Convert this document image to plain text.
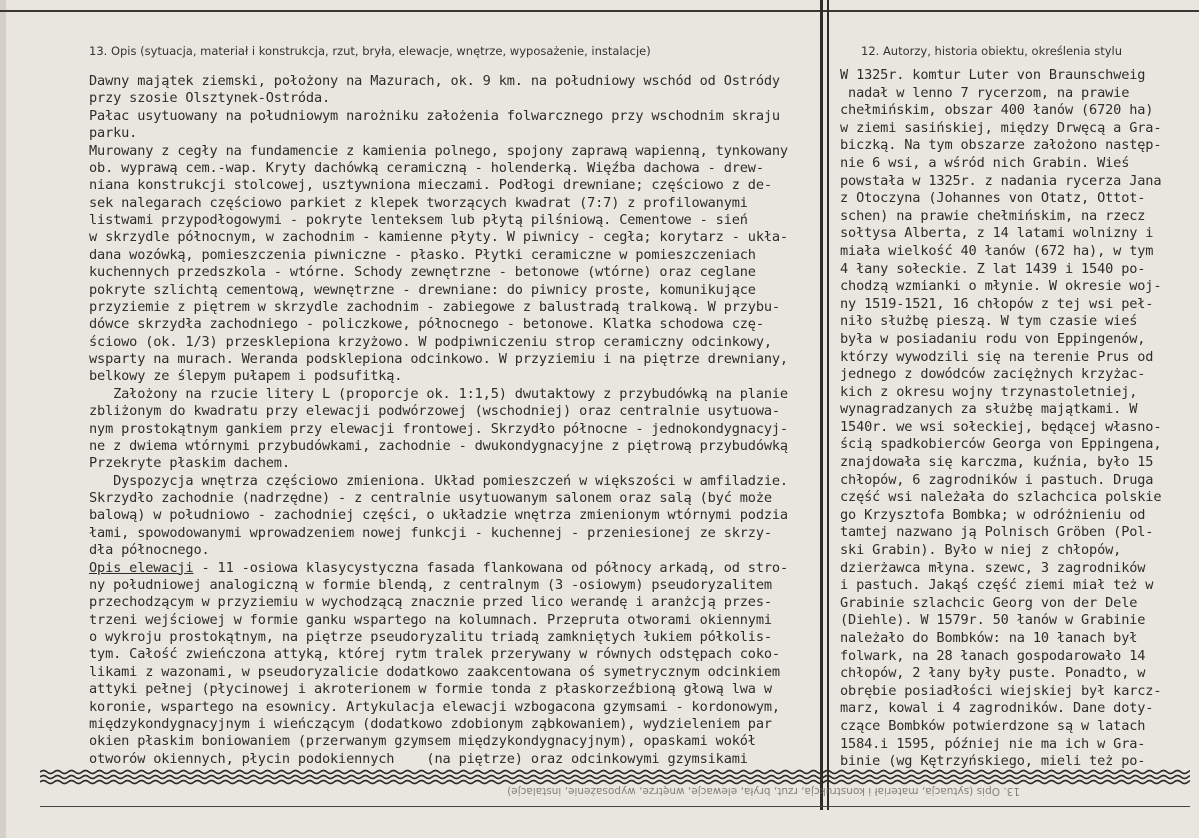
13. Opis (sytuacja, materiał i konstrukcja, rzut, bryła, elewacje, wnętrze, wyposażenie, instalacje)	12. Autorzy, historia obiektu, określenia stylu
Dawny majątek ziemski, położony na Mazurach, ok. 9 km. na południowy wschód od Ostródy
przy szosie Olsztynek-Ostróda.
Pałac usytuowany na południowym narożniku założenia folwarcznego przy wschodnim skraju
parku.
Murowany z cegły na fundamencie z kamienia polnego, spojony zaprawą wapienną, tynkowany
ob. wyprawą cem.-wap. Kryty dachówką ceramiczną - holenderką. Więźba dachowa - drew-
niana konstrukcji stolcowej, usztywniona mieczami. Podłogi drewniane; częściowo z de-
sek nalegarach częściowo parkiet z klepek tworzących kwadrat (7:7) z profilowanymi
listwami przypodłogowymi - pokryte lenteksem lub płytą pilśniową. Cementowe - sień
w skrzydle północnym, w zachodnim - kamienne płyty. W piwnicy - cegła; korytarz - ukła-
dana wozówką, pomieszczenia piwniczne - płasko. Płytki ceramiczne w pomieszczeniach
kuchennych przedszkola - wtórne. Schody zewnętrzne - betonowe (wtórne) oraz ceglane
pokryte szlichtą cementową, wewnętrzne - drewniane: do piwnicy proste, komunikujące
przyziemie z piętrem w skrzydle zachodnim - zabiegowe z balustradą tralkową. W przybu-
dówce skrzydła zachodniego - policzkowe, północnego - betonowe. Klatka schodowa czę-
ściowo (ok. 1/3) przesklepiona krzyżowo. W podpiwniczeniu strop ceramiczny odcinkowy,
wsparty na murach. Weranda podsklepiona odcinkowo. W przyziemiu i na piętrze drewniany,
belkowy ze ślepym pułapem i podsufitką.
Założony na rzucie litery L (proporcje ok. 1:1,5) dwutaktowy z przybudówką na planie
zbliżonym do kwadratu przy elewacji podwórzowej (wschodniej) oraz centralnie usytuowa-
nym prostokątnym gankiem przy elewacji frontowej. Skrzydło północne - jednokondygnacyj-
ne z dwiema wtórnymi przybudówkami, zachodnie - dwukondygnacyjne z piętrową przybudówką
Przekryte płaskim dachem.
Dyspozycja wnętrza częściowo zmieniona. Układ pomieszczeń w większości w amfiladzie.
Skrzydło zachodnie (nadrzędne) - z centralnie usytuowanym salonem oraz salą (być może
balową) w południowo - zachodniej części, o układzie wnętrza zmienionym wtórnymi podzia
łami, spowodowanymi wprowadzeniem nowej funkcji - kuchennej - przeniesionej ze skrzy-
dła północnego.
Opis elewacji - 11 -osiowa klasycystyczna fasada flankowana od północy arkadą, od stro-
ny południowej analogiczną w formie blendą, z centralnym (3 -osiowym) pseudoryzalitem
przechodzącym w przyziemiu w wychodzącą znacznie przed lico werandę i aranżcją przes-
trzeni wejściowej w formie ganku wspartego na kolumnach. Przepruta otworami okiennymi
o wykroju prostokątnym, na piętrze pseudoryzalitu triadą zamkniętych łukiem półkolis-
tym. Całość zwieńczona attyką, której rytm tralek przerywany w równych odstępach coko-
likami z wazonami, w pseudoryzalicie dodatkowo zaakcentowana oś symetrycznym odcinkiem
attyki pełnej (płycinowej i akroterionem w formie tonda z płaskorzeźbioną głową lwa w
koronie, wspartego na esownicy. Artykulacja elewacji wzbogacona gzymsami - kordonowym,
międzykondygnacyjnym i wieńczącym (dodatkowo zdobionym ząbkowaniem), wydzieleniem par
okien płaskim boniowaniem (przerwanym gzymsem międzykondygnacyjnym), opaskami wokół
otworów okiennych, płycin podokiennych    (na piętrze) oraz odcinkowymi gzymsikami
W 1325r. komtur Luter von Braunschweig
nadał w lenno 7 rycerzom, na prawie
chełmińskim, obszar 400 łanów (6720 ha)
w ziemi sasińskiej, między Drwęcą a Gra-
biczką. Na tym obszarze założono następ-
nie 6 wsi, a wśród nich Grabin. Wieś
powstała w 1325r. z nadania rycerza Jana
z Otoczyna (Johannes von Otatz, Ottot-
schen) na prawie chełmińskim, na rzecz
sołtysa Alberta, z 14 latami wolnizny i
miała wielkość 40 łanów (672 ha), w tym
4 łany sołeckie. Z lat 1439 i 1540 po-
chodzą wzmianki o młynie. W okresie woj-
ny 1519-1521, 16 chłopów z tej wsi peł-
niło służbę pieszą. W tym czasie wieś
była w posiadaniu rodu von Eppingenów,
którzy wywodzili się na terenie Prus od
jednego z dowódców zaciężnych krzyżac-
kich z okresu wojny trzynastoletniej,
wynagradzanych za służbę majątkami. W
1540r. we wsi sołeckiej, będącej własno-
ścią spadkobierców Georga von Eppingena,
znajdowała się karczma, kuźnia, było 15
chłopów, 6 zagrodników i pastuch. Druga
część wsi należała do szlachcica polskie
go Krzysztofa Bombka; w odróżnieniu od
tamtej nazwano ją Polnisch Gröben (Pol-
ski Grabin). Było w niej z chłopów,
dzierżawca młyna. szewc, 3 zagrodników
i pastuch. Jakąś część ziemi miał też w
Grabinie szlachcic Georg von der Dele
(Diehle). W 1579r. 50 łanów w Grabinie
należało do Bombków: na 10 łanach był
folwark, na 28 łanach gospodarowało 14
chłopów, 2 łany były puste. Ponadto, w
obrębie posiadłości wiejskiej był karcz-
marz, kowal i 4 zagrodników. Dane doty-
czące Bombków potwierdzone są w latach
1584.i 1595, później nie ma ich w Gra-
binie (wg Kętrzyńskiego, mieli też po-
13. Opis (sytuacja, materiał i konstrukcja, rzut, bryła, elewacje, wnętrze, wyposażenie, instalacje)
